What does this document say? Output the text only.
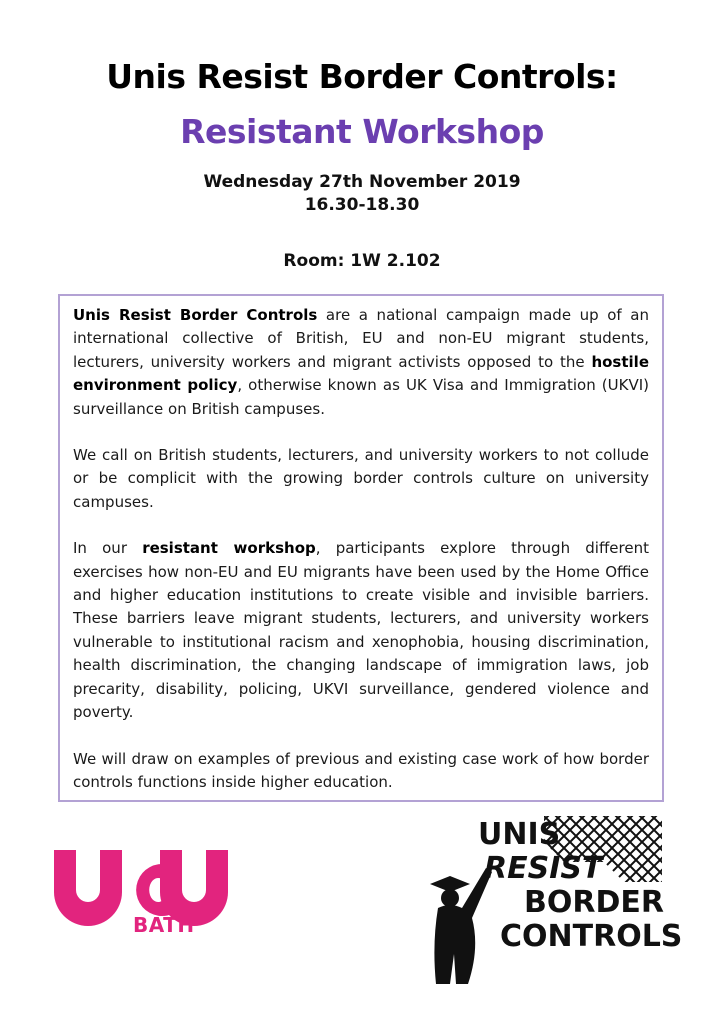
Unis Resist Border Controls:
Resistant Workshop
Wednesday 27th November 2019
16.30-18.30
Room: 1W 2.102

Unis Resist Border Controls are a national campaign made up of an international collective of British, EU and non-EU migrant students, lecturers, university workers and migrant activists opposed to the hostile environment policy, otherwise known as UK Visa and Immigration (UKVI) surveillance on British campuses.

We call on British students, lecturers, and university workers to not collude or be complicit with the growing border controls culture on university campuses.

In our resistant workshop, participants explore through different exercises how non-EU and EU migrants have been used by the Home Office and higher education institutions to create visible and invisible barriers. These barriers leave migrant students, lecturers, and university workers vulnerable to institutional racism and xenophobia, housing discrimination, health discrimination, the changing landscape of immigration laws, job precarity, disability, policing, UKVI surveillance, gendered violence and poverty.

We will draw on examples of previous and existing case work of how border controls functions inside higher education.

BATH
UNIS
RESIST
BORDER
CONTROLS
